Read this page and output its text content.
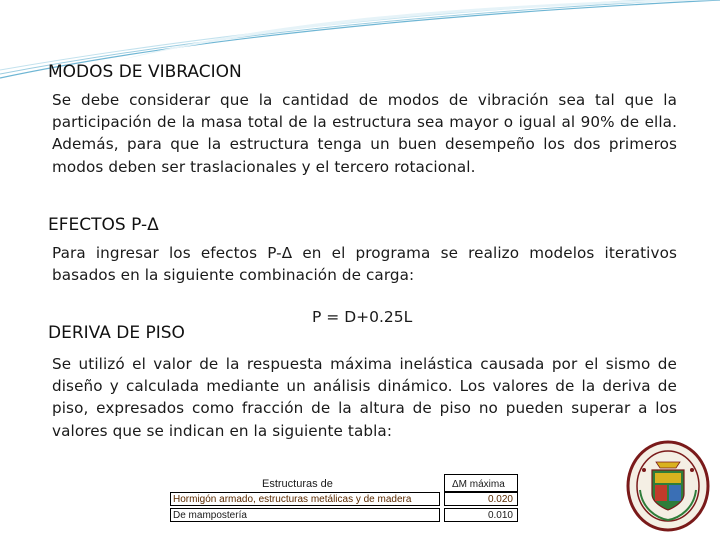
MODOS DE VIBRACION

Se debe considerar que la cantidad de modos de vibración sea tal que la participación de la masa total de la estructura sea mayor o igual al 90% de ella. Además, para que la estructura tenga un buen desempeño los dos primeros modos deben ser traslacionales y el tercero rotacional.

EFECTOS P-Δ

Para ingresar los efectos P-Δ en el programa se realizo modelos iterativos basados en la siguiente combinación de carga:

P = D+0.25L

DERIVA DE PISO

Se utilizó el valor de la respuesta máxima inelástica causada por el sismo de diseño y calculada mediante un análisis dinámico. Los valores de la deriva de piso, expresados como fracción de la altura de piso no pueden superar a los valores que se indican en la siguiente tabla:

Estructuras de	ΔM máxima
Hormigón armado, estructuras metálicas y de madera	0.020
De mampostería	0.010
